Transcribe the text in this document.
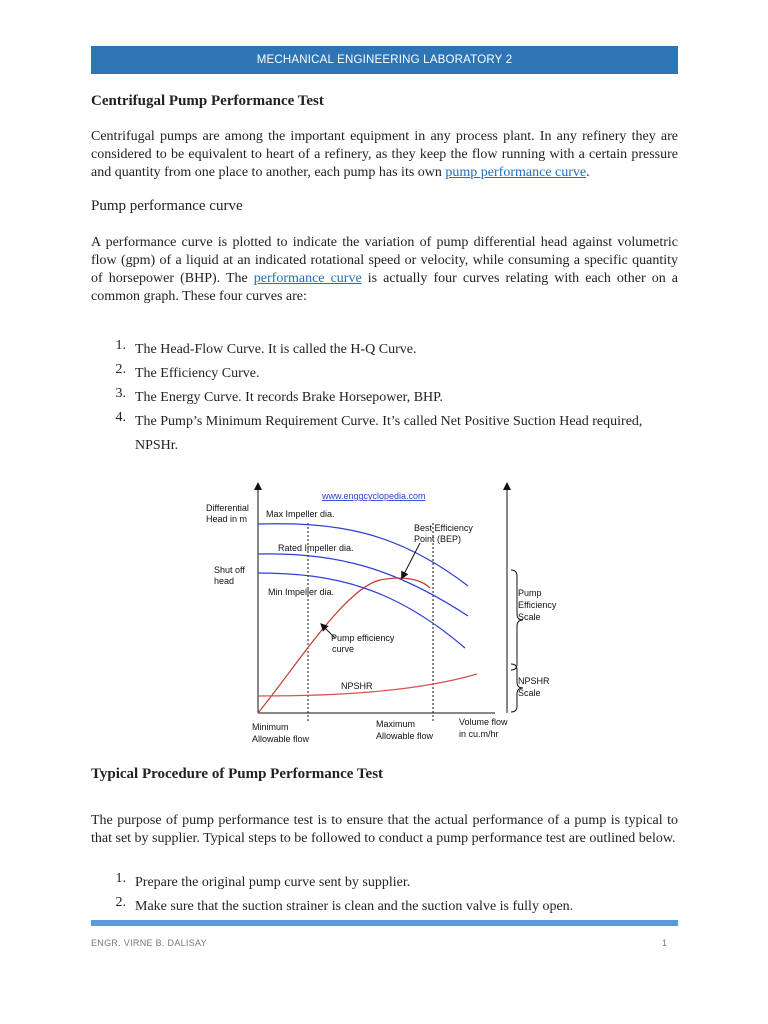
MECHANICAL ENGINEERING LABORATORY 2
Centrifugal Pump Performance Test
Centrifugal pumps are among the important equipment in any process plant. In any refinery they are considered to be equivalent to heart of a refinery, as they keep the flow running with a certain pressure and quantity from one place to another, each pump has its own pump performance curve.
Pump performance curve
A performance curve is plotted to indicate the variation of pump differential head against volumetric flow (gpm) of a liquid at an indicated rotational speed or velocity, while consuming a specific quantity of horsepower (BHP). The performance curve is actually four curves relating with each other on a common graph. These four curves are:
1. The Head-Flow Curve. It is called the H-Q Curve.
2. The Efficiency Curve.
3. The Energy Curve. It records Brake Horsepower, BHP.
4. The Pump’s Minimum Requirement Curve. It’s called Net Positive Suction Head required, NPSHr.
www.enggcyclopedia.com
Differential
Head in m Max Impeller dia.
Rated Impeller dia.
Min Impeller dia.
Shut off
head
Best Efficiency
Point (BEP)
Pump efficiency
curve
NPSHR
Pump
Efficiency
Scale
NPSHR
Scale
Minimum
Allowable flow
Maximum
Allowable flow
Volume flow
in cu.m/hr
Typical Procedure of Pump Performance Test
The purpose of pump performance test is to ensure that the actual performance of a pump is typical to that set by supplier. Typical steps to be followed to conduct a pump performance test are outlined below.
1. Prepare the original pump curve sent by supplier.
2. Make sure that the suction strainer is clean and the suction valve is fully open.
ENGR. VIRNE B. DALISAY	1
